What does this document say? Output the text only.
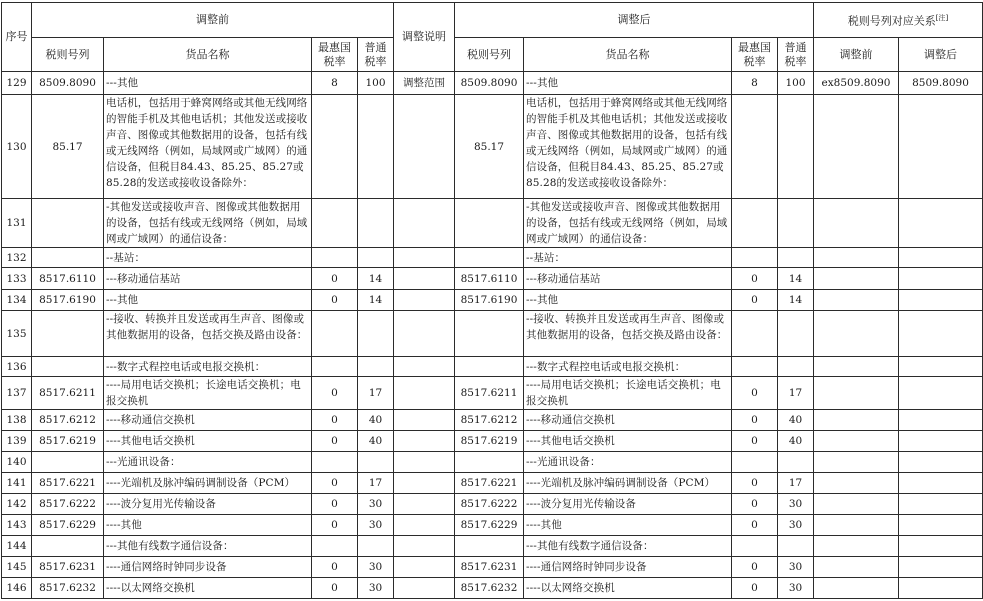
序号	调整前				调整说明	调整后				税则号列对应关系[注]
	税则号列	货品名称	最惠国税率	普通税率		税则号列	货品名称	最惠国税率	普通税率	调整前	调整后
129	8509.8090	---其他	8	100	调整范围	8509.8090	---其他	8	100	ex8509.8090	8509.8090
130	85.17	电话机，包括用于蜂窝网络或其他无线网络的智能手机及其他电话机；其他发送或接收声音、图像或其他数据用的设备，包括有线或无线网络（例如，局域网或广域网）的通信设备，但税目84.43、85.25、85.27或85.28的发送或接收设备除外：				85.17	电话机，包括用于蜂窝网络或其他无线网络的智能手机及其他电话机；其他发送或接收声音、图像或其他数据用的设备，包括有线或无线网络（例如，局域网或广域网）的通信设备，但税目84.43、85.25、85.27或85.28的发送或接收设备除外：				
131		-其他发送或接收声音、图像或其他数据用的设备，包括有线或无线网络（例如，局域网或广域网）的通信设备：					-其他发送或接收声音、图像或其他数据用的设备，包括有线或无线网络（例如，局域网或广域网）的通信设备：				
132		--基站：					--基站：				
133	8517.6110	---移动通信基站	0	14		8517.6110	---移动通信基站	0	14		
134	8517.6190	---其他	0	14		8517.6190	---其他	0	14		
135		--接收、转换并且发送或再生声音、图像或其他数据用的设备，包括交换及路由设备：					--接收、转换并且发送或再生声音、图像或其他数据用的设备，包括交换及路由设备：				
136		---数字式程控电话或电报交换机：					---数字式程控电话或电报交换机：				
137	8517.6211	----局用电话交换机；长途电话交换机；电报交换机	0	17		8517.6211	----局用电话交换机；长途电话交换机；电报交换机	0	17		
138	8517.6212	----移动通信交换机	0	40		8517.6212	----移动通信交换机	0	40		
139	8517.6219	----其他电话交换机	0	40		8517.6219	----其他电话交换机	0	40		
140		---光通讯设备：					---光通讯设备：				
141	8517.6221	----光端机及脉冲编码调制设备（PCM）	0	17		8517.6221	----光端机及脉冲编码调制设备（PCM）	0	17		
142	8517.6222	----波分复用光传输设备	0	30		8517.6222	----波分复用光传输设备	0	30		
143	8517.6229	----其他	0	30		8517.6229	----其他	0	30		
144		---其他有线数字通信设备：					---其他有线数字通信设备：				
145	8517.6231	----通信网络时钟同步设备	0	30		8517.6231	----通信网络时钟同步设备	0	30		
146	8517.6232	----以太网络交换机	0	30		8517.6232	----以太网络交换机	0	30		
